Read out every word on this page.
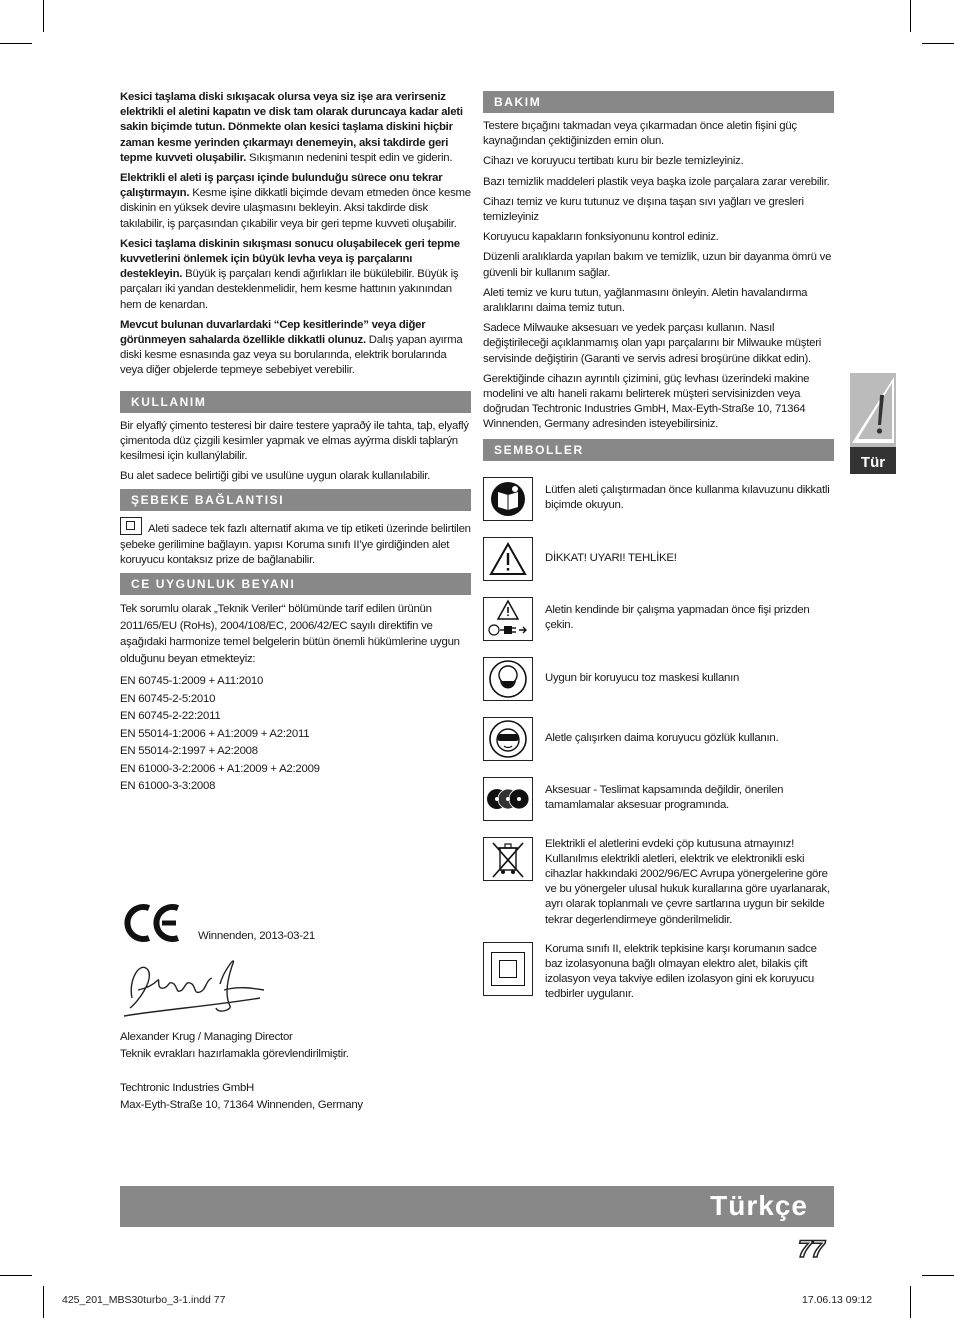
Kesici taşlama diski sıkışacak olursa veya siz işe ara verirseniz elektrikli el aletini kapatın ve disk tam olarak duruncaya kadar aleti sakin biçimde tutun. Dönmekte olan kesici taşlama diskini hiçbir zaman kesme yerinden çıkarmayı denemeyin, aksi takdirde geri tepme kuvveti oluşabilir. Sıkışmanın nedenini tespit edin ve giderin.

Elektrikli el aleti iş parçası içinde bulunduğu sürece onu tekrar çalıştırmayın. Kesme işine dikkatli biçimde devam etmeden önce kesme diskinin en yüksek devire ulaşmasını bekleyin. Aksi takdirde disk takılabilir, iş parçasından çıkabilir veya bir geri tepme kuvveti oluşabilir.

Kesici taşlama diskinin sıkışması sonucu oluşabilecek geri tepme kuvvetlerini önlemek için büyük levha veya iş parçalarını destekleyin. Büyük iş parçaları kendi ağırlıkları ile bükülebilir. Büyük iş parçaları iki yandan desteklenmelidir, hem kesme hattının yakınından hem de kenardan.

Mevcut bulunan duvarlardaki “Cep kesitlerinde” veya diğer görünmeyen sahalarda özellikle dikkatli olunuz. Dalış yapan ayırma diski kesme esnasında gaz veya su borularında, elektrik borularında veya diğer objelerde tepmeye sebebiyet verebilir.

KULLANIM

Bir elyaflý çimento testeresi bir daire testere yapraðý ile tahta, taþ, elyaflý çimentoda düz çizgili kesimler yapmak ve elmas ayýrma diskli taþlarýn kesilmesi için kullanýlabilir.

Bu alet sadece belirtiği gibi ve usulüne uygun olarak kullanılabilir.

ŞEBEKE BAĞLANTISI

Aleti sadece tek fazlı alternatif akıma ve tip etiketi üzerinde belirtilen şebeke gerilimine bağlayın. yapısı Koruma sınıfı II’ye girdiğinden alet koruyucu kontaksız prize de bağlanabilir.

CE UYGUNLUK BEYANI

Tek sorumlu olarak „Teknik Veriler“ bölümünde tarif edilen ürünün 2011/65/EU (RoHs), 2004/108/EC, 2006/42/EC sayılı direktifin ve aşağıdaki harmonize temel belgelerin bütün önemli hükümlerine uygun olduğunu beyan etmekteyiz:

EN 60745-1:2009 + A11:2010
EN 60745-2-5:2010
EN 60745-2-22:2011
EN 55014-1:2006 + A1:2009 + A2:2011
EN 55014-2:1997 + A2:2008
EN 61000-3-2:2006 + A1:2009 + A2:2009
EN 61000-3-3:2008
Winnenden, 2013-03-21
Alexander Krug / Managing Director
Teknik evrakları hazırlamakla görevlendirilmiştir.
Techtronic Industries GmbH
Max-Eyth-Straße 10, 71364 Winnenden, Germany
BAKIM

Testere bıçağını takmadan veya çıkarmadan önce aletin fişini güç kaynağından çektiğinizden emin olun.

Cihazı ve koruyucu tertibatı kuru bir bezle temizleyiniz.

Bazı temizlik maddeleri plastik veya başka izole parçalara zarar verebilir.

Cihazı temiz ve kuru tutunuz ve dışına taşan sıvı yağları ve gresleri temizleyiniz

Koruyucu kapakların fonksiyonunu kontrol ediniz.

Düzenli aralıklarda yapılan bakım ve temizlik, uzun bir dayanma ömrü ve güvenli bir kullanım sağlar.

Aleti temiz ve kuru tutun, yağlanmasını önleyin. Aletin havalandırma aralıklarını daima temiz tutun.

Sadece Milwauke aksesuarı ve yedek parçası kullanın. Nasıl değiştirileceği açıklanmamış olan yapı parçalarını bir Milwauke müşteri servisinde değiştirin (Garanti ve servis adresi broşürüne dikkat edin).

Gerektiğinde cihazın ayrıntılı çizimini, güç levhası üzerindeki makine modelini ve altı haneli rakamı belirterek müşteri servisinizden veya doğrudan Techtronic Industries GmbH, Max-Eyth-Straße 10, 71364 Winnenden, Germany adresinden isteyebilirsiniz.

SEMBOLLER
Lütfen aleti çalıştırmadan önce kullanma kılavuzunu dikkatli biçimde okuyun.
DİKKAT! UYARI! TEHLİKE!
Aletin kendinde bir çalışma yapmadan önce fişi prizden çekin.
Uygun bir koruyucu toz maskesi kullanın
Aletle çalışırken daima koruyucu gözlük kullanın.
Aksesuar - Teslimat kapsamında değildir, önerilen tamamlamalar aksesuar programında.
Elektrikli el aletlerini evdeki çöp kutusuna atmayınız! Kullanılmıs elektrikli aletleri, elektrik ve elektronikli eski cihazlar hakkındaki 2002/96/EC Avrupa yönergelerine göre ve bu yönergeler ulusal hukuk kurallarına göre uyarlanarak, ayrı olarak toplanmalı ve çevre sartlarına uygun bir sekilde tekrar degerlendirmeye gönderilmelidir.
Koruma sınıfı II, elektrik tepkisine karşı korumanın sadce baz izolasyonuna bağlı olmayan elektro alet, bilakis çift izolasyon veya takviye edilen izolasyon gini ek koruyucu tedbirler uygulanır.
Tür
Türkçe
77
425_201_MBS30turbo_3-1.indd 77	17.06.13 09:12
